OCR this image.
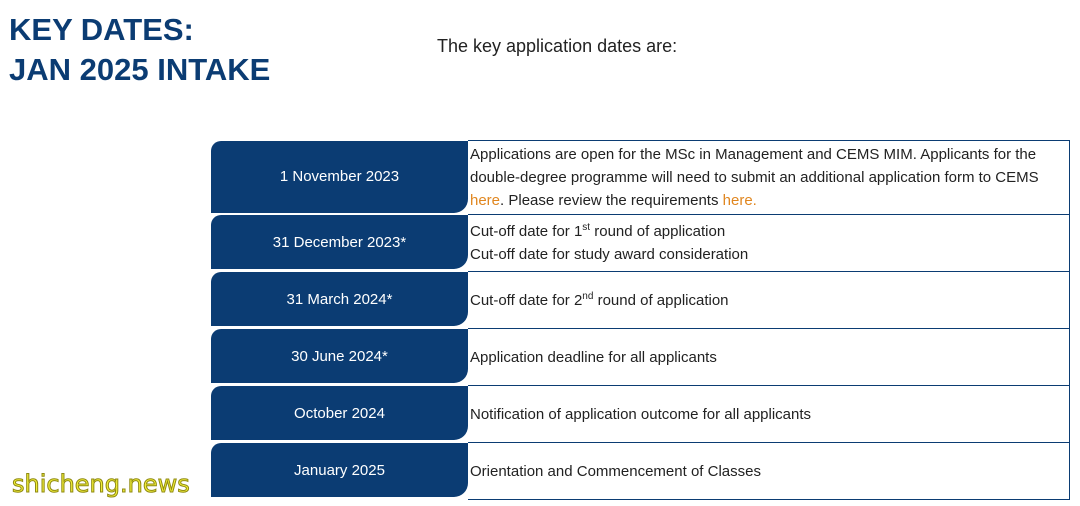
KEY DATES:
JAN 2025 INTAKE

The key application dates are:

1 November 2023	Applications are open for the MSc in Management and CEMS MIM. Applicants for the double-degree programme will need to submit an additional application form to CEMS here. Please review the requirements here.

31 December 2023*	Cut-off date for 1st round of application
Cut-off date for study award consideration

31 March 2024*	Cut-off date for 2nd round of application

30 June 2024*	Application deadline for all applicants

October 2024	Notification of application outcome for all applicants

January 2025	Orientation and Commencement of Classes
shicheng.news
